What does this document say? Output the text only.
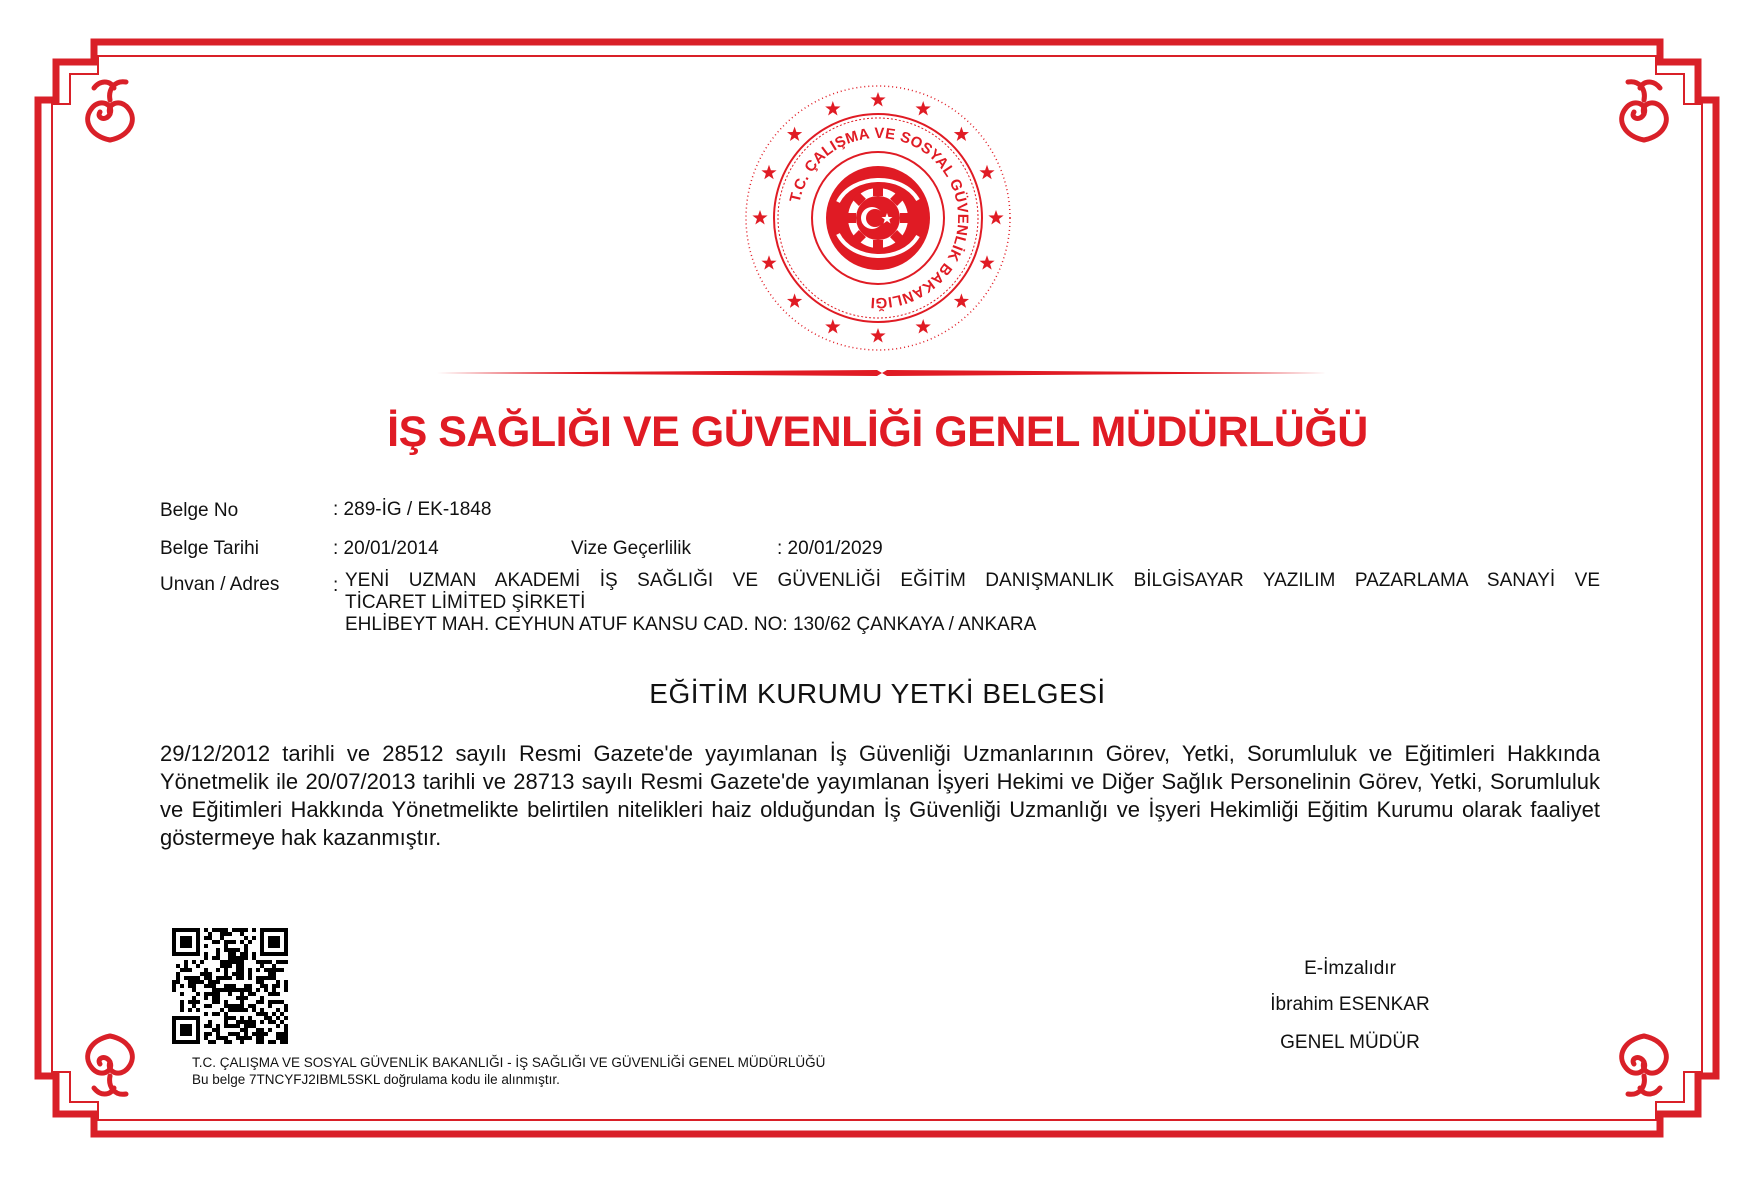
T.C. ÇALIŞMA VE SOSYAL GÜVENLİK BAKANLIĞI
İŞ SAĞLIĞI VE GÜVENLİĞİ GENEL MÜDÜRLÜĞÜ
Belge No	: 289-İG / EK-1848
Belge Tarihi	: 20/01/2014	Vize Geçerlilik	: 20/01/2029
Unvan / Adres	: YENİ UZMAN AKADEMİ İŞ SAĞLIĞI VE GÜVENLİĞİ EĞİTİM DANIŞMANLIK BİLGİSAYAR YAZILIM PAZARLAMA SANAYİ VE
TİCARET LİMİTED ŞİRKETİ
EHLİBEYT MAH. CEYHUN ATUF KANSU CAD. NO: 130/62 ÇANKAYA / ANKARA
EĞİTİM KURUMU YETKİ BELGESİ
29/12/2012 tarihli ve 28512 sayılı Resmi Gazete'de yayımlanan İş Güvenliği Uzmanlarının Görev, Yetki, Sorumluluk ve Eğitimleri Hakkında Yönetmelik ile 20/07/2013 tarihli ve 28713 sayılı Resmi Gazete'de yayımlanan İşyeri Hekimi ve Diğer Sağlık Personelinin Görev, Yetki, Sorumluluk ve Eğitimleri Hakkında Yönetmelikte belirtilen nitelikleri haiz olduğundan İş Güvenliği Uzmanlığı ve İşyeri Hekimliği Eğitim Kurumu olarak faaliyet göstermeye hak kazanmıştır.
T.C. ÇALIŞMA VE SOSYAL GÜVENLİK BAKANLIĞI - İŞ SAĞLIĞI VE GÜVENLİĞİ GENEL MÜDÜRLÜĞÜ
Bu belge 7TNCYFJ2IBML5SKL doğrulama kodu ile alınmıştır.
E-İmzalıdır
İbrahim ESENKAR
GENEL MÜDÜR
